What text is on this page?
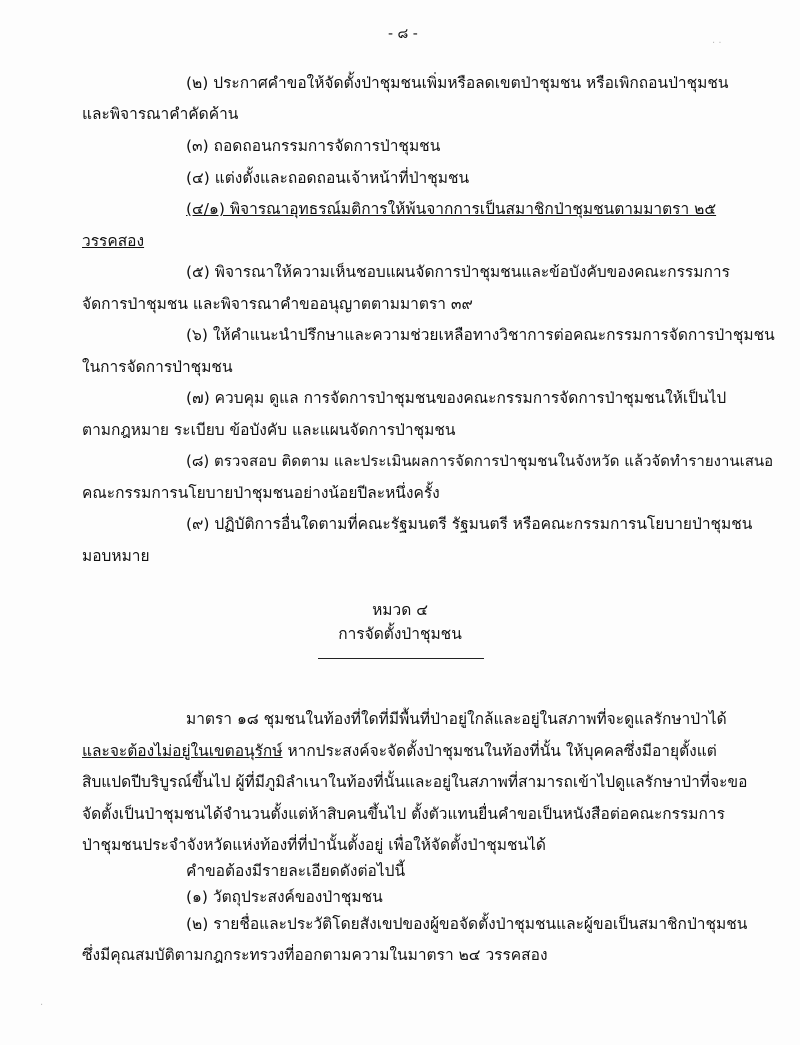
- ๘ -
(๒) ประกาศคำขอให้จัดตั้งป่าชุมชนเพิ่มหรือลดเขตป่าชุมชน หรือเพิกถอนป่าชุมชน
และพิจารณาคำคัดค้าน
(๓) ถอดถอนกรรมการจัดการป่าชุมชน
(๔) แต่งตั้งและถอดถอนเจ้าหน้าที่ป่าชุมชน
(๔/๑) พิจารณาอุทธรณ์มติการให้พ้นจากการเป็นสมาชิกป่าชุมชนตามมาตรา ๒๕
วรรคสอง
(๕) พิจารณาให้ความเห็นชอบแผนจัดการป่าชุมชนและข้อบังคับของคณะกรรมการ
จัดการป่าชุมชน และพิจารณาคำขออนุญาตตามมาตรา ๓๙
(๖) ให้คำแนะนำปรึกษาและความช่วยเหลือทางวิชาการต่อคณะกรรมการจัดการป่าชุมชน
ในการจัดการป่าชุมชน
(๗) ควบคุม ดูแล การจัดการป่าชุมชนของคณะกรรมการจัดการป่าชุมชนให้เป็นไป
ตามกฎหมาย ระเบียบ ข้อบังคับ และแผนจัดการป่าชุมชน
(๘) ตรวจสอบ ติดตาม และประเมินผลการจัดการป่าชุมชนในจังหวัด แล้วจัดทำรายงานเสนอ
คณะกรรมการนโยบายป่าชุมชนอย่างน้อยปีละหนึ่งครั้ง
(๙) ปฏิบัติการอื่นใดตามที่คณะรัฐมนตรี รัฐมนตรี หรือคณะกรรมการนโยบายป่าชุมชน
มอบหมาย
หมวด ๔
การจัดตั้งป่าชุมชน
มาตรา ๑๘ ชุมชนในท้องที่ใดที่มีพื้นที่ป่าอยู่ใกล้และอยู่ในสภาพที่จะดูแลรักษาป่าได้
และจะต้องไม่อยู่ในเขตอนุรักษ์ หากประสงค์จะจัดตั้งป่าชุมชนในท้องที่นั้น ให้บุคคลซึ่งมีอายุตั้งแต่
สิบแปดปีบริบูรณ์ขึ้นไป ผู้ที่มีภูมิลำเนาในท้องที่นั้นและอยู่ในสภาพที่สามารถเข้าไปดูแลรักษาป่าที่จะขอ
จัดตั้งเป็นป่าชุมชนได้จำนวนตั้งแต่ห้าสิบคนขึ้นไป ตั้งตัวแทนยื่นคำขอเป็นหนังสือต่อคณะกรรมการ
ป่าชุมชนประจำจังหวัดแห่งท้องที่ที่ป่านั้นตั้งอยู่ เพื่อให้จัดตั้งป่าชุมชนได้
คำขอต้องมีรายละเอียดดังต่อไปนี้
(๑) วัตถุประสงค์ของป่าชุมชน
(๒) รายชื่อและประวัติโดยสังเขปของผู้ขอจัดตั้งป่าชุมชนและผู้ขอเป็นสมาชิกป่าชุมชน
ซึ่งมีคุณสมบัติตามกฎกระทรวงที่ออกตามความในมาตรา ๒๔ วรรคสอง
· ·
·
